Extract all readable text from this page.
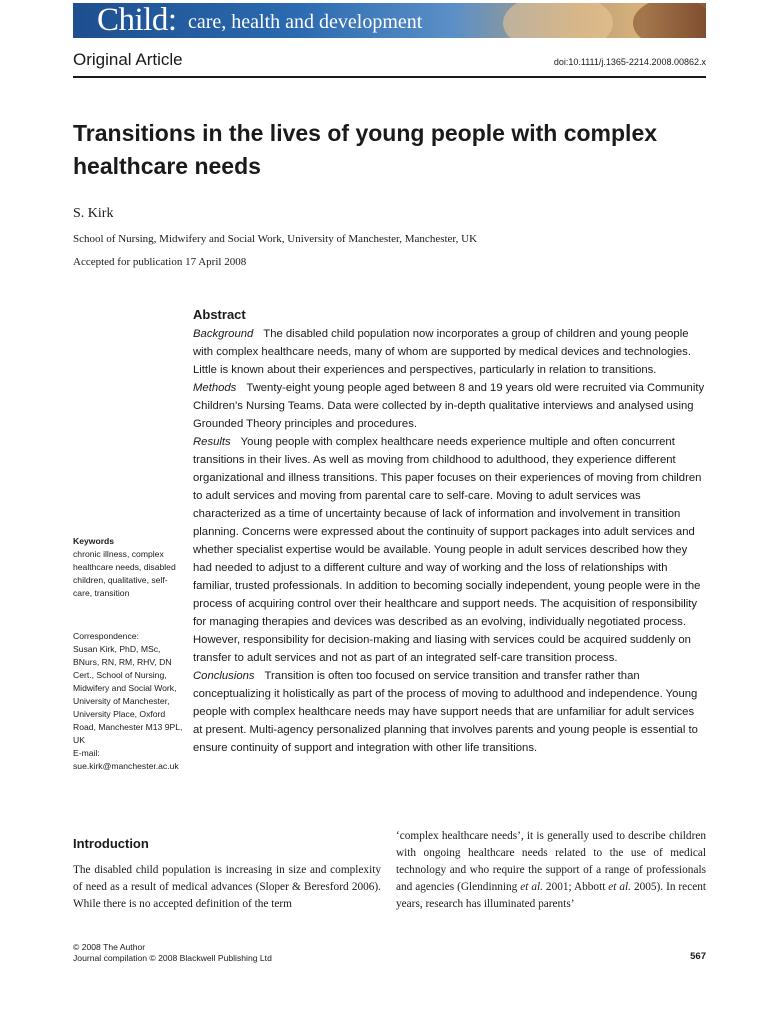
Child: care, health and development
Original Article	doi:10.1111/j.1365-2214.2008.00862.x
Transitions in the lives of young people with complex healthcare needs
S. Kirk
School of Nursing, Midwifery and Social Work, University of Manchester, Manchester, UK
Accepted for publication 17 April 2008
Abstract

Background The disabled child population now incorporates a group of children and young people with complex healthcare needs, many of whom are supported by medical devices and technologies. Little is known about their experiences and perspectives, particularly in relation to transitions.

Methods Twenty-eight young people aged between 8 and 19 years old were recruited via Community Children's Nursing Teams. Data were collected by in-depth qualitative interviews and analysed using Grounded Theory principles and procedures.

Results Young people with complex healthcare needs experience multiple and often concurrent transitions in their lives. As well as moving from childhood to adulthood, they experience different organizational and illness transitions. This paper focuses on their experiences of moving from children to adult services and moving from parental care to self-care. Moving to adult services was characterized as a time of uncertainty because of lack of information and involvement in transition planning. Concerns were expressed about the continuity of support packages into adult services and whether specialist expertise would be available. Young people in adult services described how they had needed to adjust to a different culture and way of working and the loss of relationships with familiar, trusted professionals. In addition to becoming socially independent, young people were in the process of acquiring control over their healthcare and support needs. The acquisition of responsibility for managing therapies and devices was described as an evolving, individually negotiated process. However, responsibility for decision-making and liasing with services could be acquired suddenly on transfer to adult services and not as part of an integrated self-care transition process.

Conclusions Transition is often too focused on service transition and transfer rather than conceptualizing it holistically as part of the process of moving to adulthood and independence. Young people with complex healthcare needs may have support needs that are unfamiliar for adult services at present. Multi-agency personalized planning that involves parents and young people is essential to ensure continuity of support and integration with other life transitions.

Keywords
chronic illness, complex healthcare needs, disabled children, qualitative, self-care, transition
Correspondence:
Susan Kirk, PhD, MSc, BNurs, RN, RM, RHV, DN Cert., School of Nursing, Midwifery and Social Work, University of Manchester, University Place, Oxford Road, Manchester M13 9PL, UK
E-mail:
sue.kirk@manchester.ac.uk
Introduction
The disabled child population is increasing in size and complexity of need as a result of medical advances (Sloper & Beresford 2006). While there is no accepted definition of the term
‘complex healthcare needs’, it is generally used to describe children with ongoing healthcare needs related to the use of medical technology and who require the support of a range of professionals and agencies (Glendinning et al. 2001; Abbott et al. 2005). In recent years, research has illuminated parents’
© 2008 The Author
Journal compilation © 2008 Blackwell Publishing Ltd	567
